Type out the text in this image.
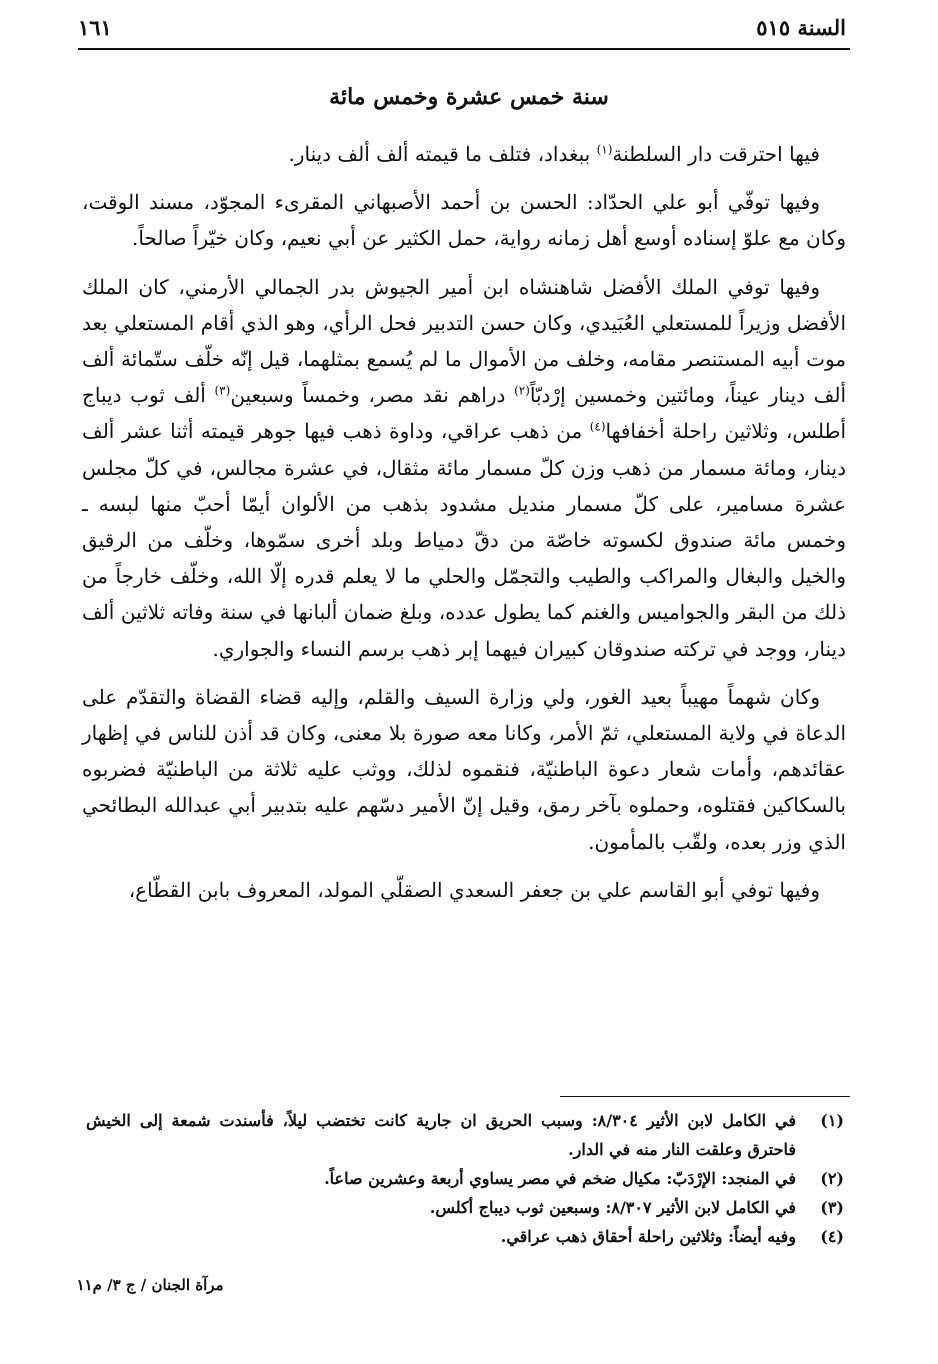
السنة ٥١٥
١٦١
سنة خمس عشرة وخمس مائة

فيها احترقت دار السلطنة$^{(١)}$ ببغداد، فتلف ما قيمته ألف ألف دينار.

وفيها توفّي أبو علي الحدّاد: الحسن بن أحمد الأصبهاني المقرىء المجوّد، مسند الوقت، وكان مع علوّ إسناده أوسع أهل زمانه رواية، حمل الكثير عن أبي نعيم، وكان خيّراً صالحاً.

وفيها توفي الملك الأفضل شاهنشاه ابن أمير الجيوش بدر الجمالي الأرمني، كان الملك الأفضل وزيراً للمستعلي العُبَيدي، وكان حسن التدبير فحل الرأي، وهو الذي أقام المستعلي بعد موت أبيه المستنصر مقامه، وخلف من الأموال ما لم يُسمع بمثلهما، قيل إنّه خلّف ستّمائة ألف ألف دينار عيناً، ومائتين وخمسين إرْدبّاً$^{(٢)}$ دراهم نقد مصر، وخمساً وسبعين$^{(٣)}$ ألف ثوب ديباج أطلس، وثلاثين راحلة أخفافها$^{(٤)}$ من ذهب عراقي، وداوة ذهب فيها جوهر قيمته أثنا عشر ألف دينار، ومائة مسمار من ذهب وزن كلّ مسمار مائة مثقال، في عشرة مجالس، في كلّ مجلس عشرة مسامير، على كلّ مسمار منديل مشدود بذهب من الألوان أيمّا أحبّ منها لبسه ـ وخمس مائة صندوق لكسوته خاصّة من دقّ دمياط وبلد أخرى سمّوها، وخلّف من الرقيق والخيل والبغال والمراكب والطيب والتجمّل والحلي ما لا يعلم قدره إلّا الله، وخلّف خارجاً من ذلك من البقر والجواميس والغنم كما يطول عدده، وبلغ ضمان ألبانها في سنة وفاته ثلاثين ألف دينار، ووجد في تركته صندوقان كبيران فيهما إبر ذهب برسم النساء والجواري.

وكان شهماً مهيباً بعيد الغور، ولي وزارة السيف والقلم، وإليه قضاء القضاة والتقدّم على الدعاة في ولاية المستعلي، ثمّ الأمر، وكانا معه صورة بلا معنى، وكان قد أذن للناس في إظهار عقائدهم، وأمات شعار دعوة الباطنيّة، فنقموه لذلك، ووثب عليه ثلاثة من الباطنيّة فضربوه بالسكاكين فقتلوه، وحملوه بآخر رمق، وقيل إنّ الأمير دسّهم عليه بتدبير أبي عبدالله البطائحي الذي وزر بعده، ولقّب بالمأمون.

وفيها توفي أبو القاسم علي بن جعفر السعدي الصقلّي المولد، المعروف بابن القطّاع،

(١)
في الكامل لابن الأثير ٨/٣٠٤: وسبب الحريق ان جارية كانت تختضب ليلاً، فأسندت شمعة إلى الخيش فاحترق وعلقت النار منه في الدار.
(٢)
في المنجد: الإرْدَبّ: مكيال ضخم في مصر يساوي أربعة وعشرين صاعاً.
(٣)
في الكامل لابن الأثير ٨/٣٠٧: وسبعين ثوب ديباج أكلس.
(٤)
وفيه أيضاً: وثلاثين راحلة أحقاق ذهب عراقي.
مرآة الجنان / ج ٣/ م١١
